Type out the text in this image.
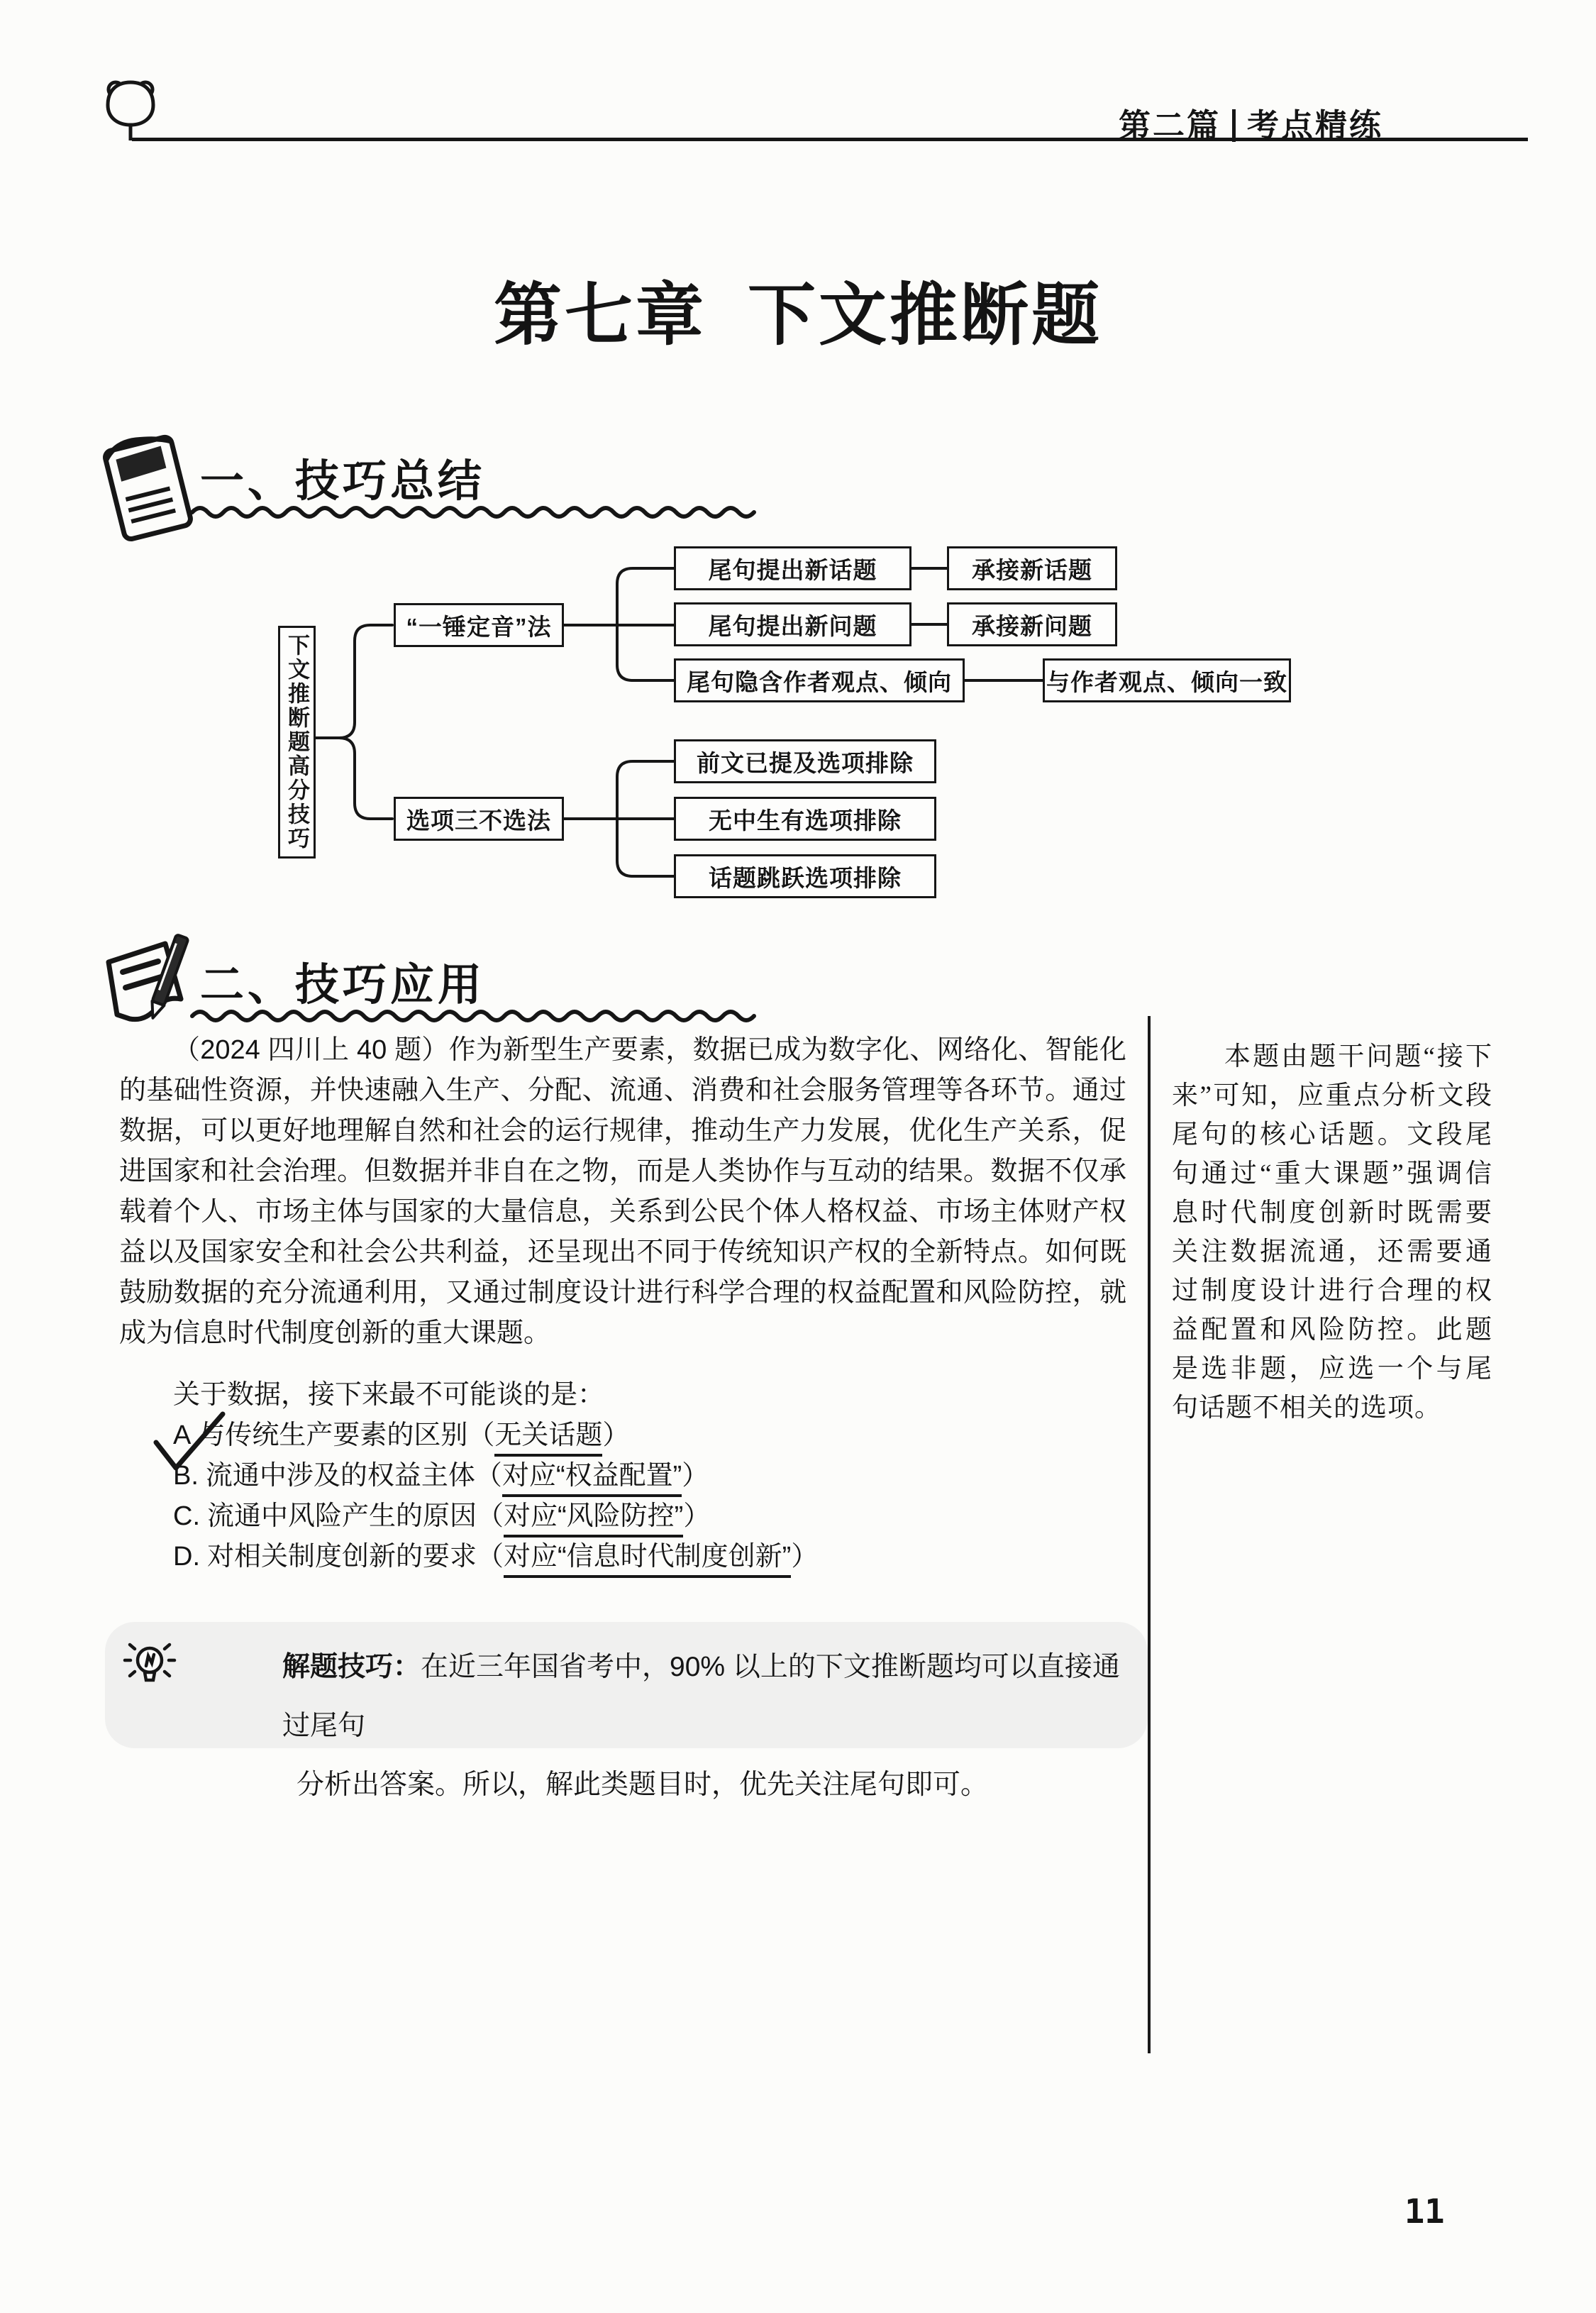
第二篇 考点精练
第七章 下文推断题
一、技巧总结
下文推断题高分技巧
“一锤定音”法
选项三不选法
尾句提出新话题
尾句提出新问题
尾句隐含作者观点、倾向
承接新话题
承接新问题
与作者观点、倾向一致
前文已提及选项排除
无中生有选项排除
话题跳跃选项排除
二、技巧应用

（2024 四川上 40 题）作为新型生产要素，数据已成为数字化、网络化、智能化的基础性资源，并快速融入生产、分配、流通、消费和社会服务管理等各环节。通过数据，可以更好地理解自然和社会的运行规律，推动生产力发展，优化生产关系，促进国家和社会治理。但数据并非自在之物，而是人类协作与互动的结果。数据不仅承载着个人、市场主体与国家的大量信息，关系到公民个体人格权益、市场主体财产权益以及国家安全和社会公共利益，还呈现出不同于传统知识产权的全新特点。如何既鼓励数据的充分流通利用，又通过制度设计进行科学合理的权益配置和风险防控，就成为信息时代制度创新的重大课题。

关于数据，接下来最不可能谈的是：
A 与传统生产要素的区别（无关话题）
B. 流通中涉及的权益主体（对应“权益配置”）
C. 流通中风险产生的原因（对应“风险防控”）
D. 对相关制度创新的要求（对应“信息时代制度创新”）
本题由题干问题“接下来”可知，应重点分析文段尾句的核心话题。文段尾句通过“重大课题”强调信息时代制度创新时既需要关注数据流通，还需要通过制度设计进行合理的权益配置和风险防控。此题是选非题，应选一个与尾句话题不相关的选项。
解题技巧：在近三年国省考中，90% 以上的下文推断题均可以直接通过尾句
分析出答案。所以，解此类题目时，优先关注尾句即可。
11
